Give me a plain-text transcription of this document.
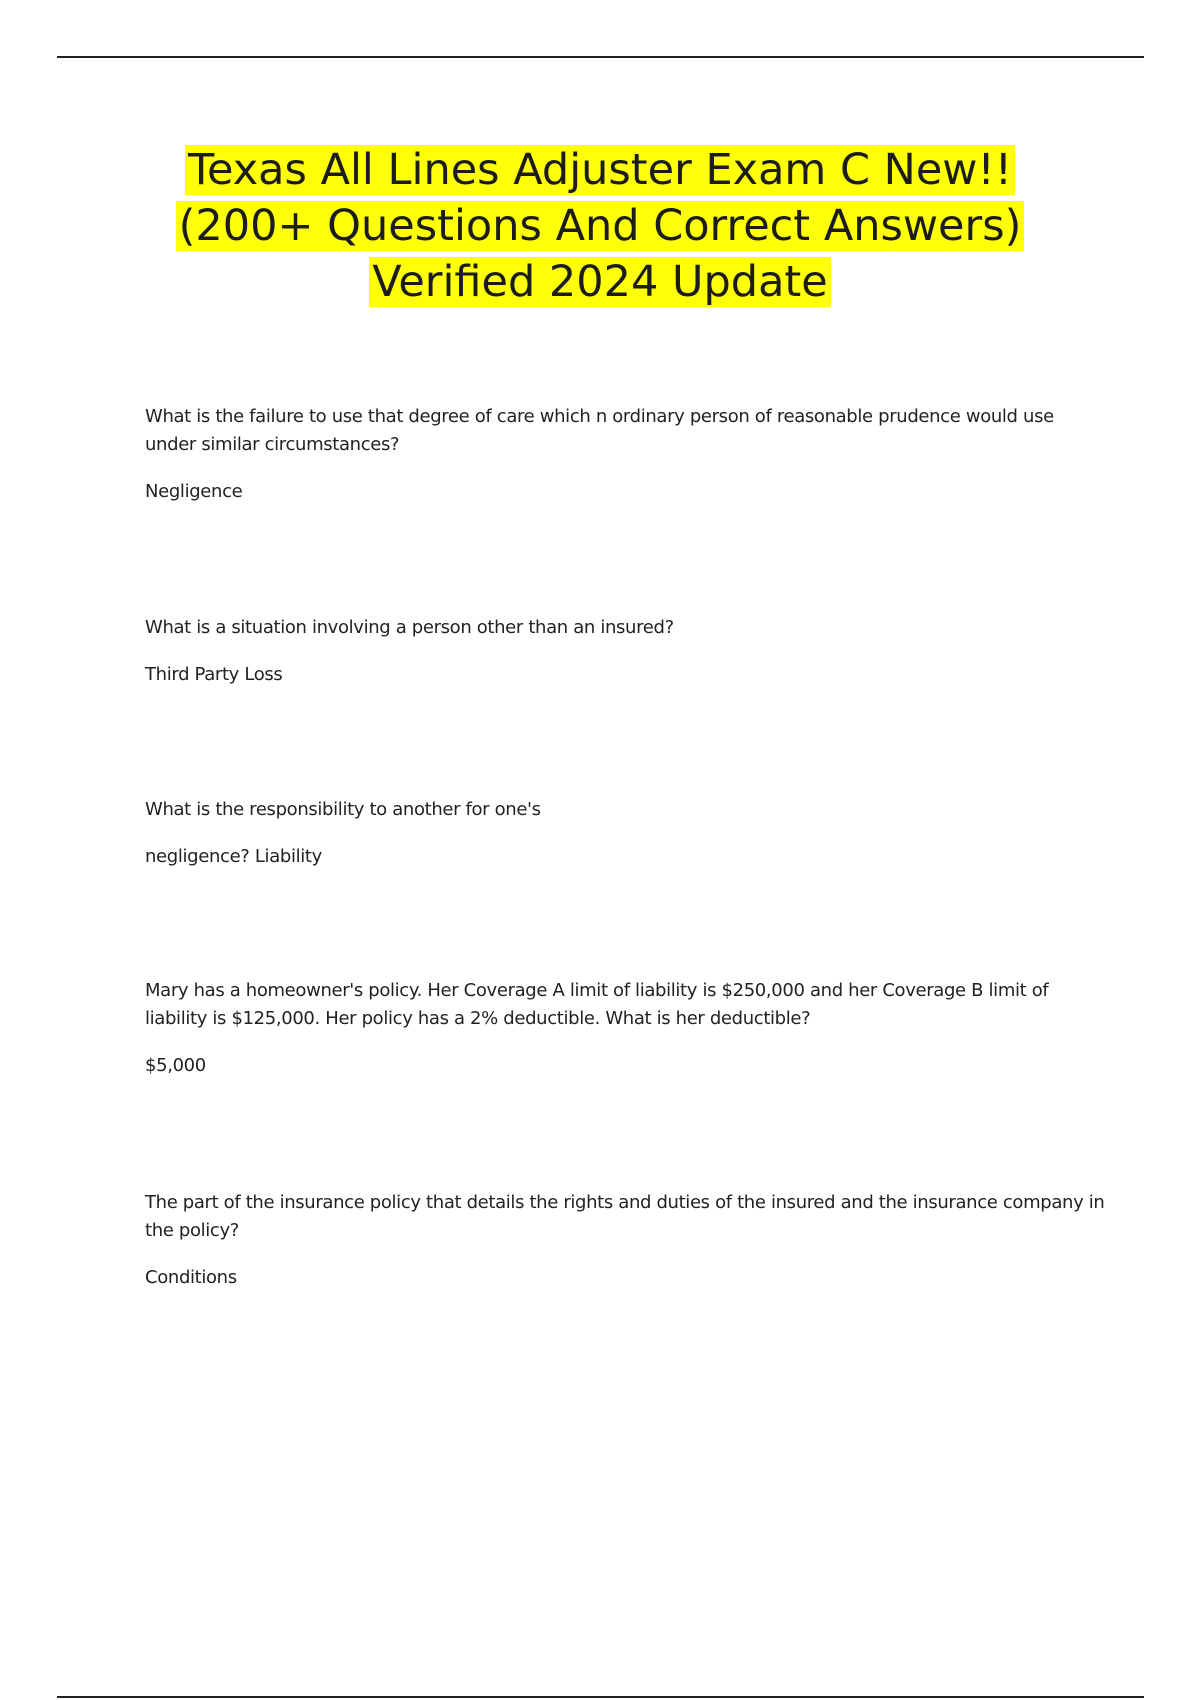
Texas All Lines Adjuster Exam C New!!
(200+ Questions And Correct Answers)
Verified 2024 Update

What is the failure to use that degree of care which n ordinary person of reasonable prudence would use under similar circumstances?

Negligence

What is a situation involving a person other than an insured?

Third Party Loss

What is the responsibility to another for one's

negligence? Liability

Mary has a homeowner's policy. Her Coverage A limit of liability is $250,000 and her Coverage B limit of liability is $125,000. Her policy has a 2% deductible. What is her deductible?

$5,000

The part of the insurance policy that details the rights and duties of the insured and the insurance company in the policy?

Conditions
